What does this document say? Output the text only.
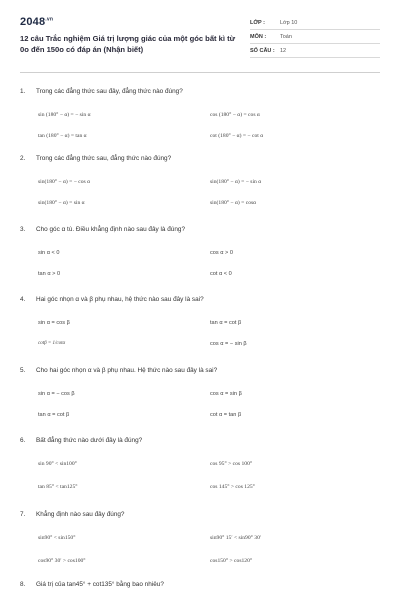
$2048^{.vn}$
12 câu Trắc nghiệm Giá trị lượng giác của một góc bất kì từ 0o đến 150o có đáp án (Nhận biết)
LỚP :	Lớp 10
MÔN :	Toán
SỐ CÂU : 12
1.	Trong các đẳng thức sau đây, đẳng thức nào đúng?
sin (180° − α) = − sin α	cos (180° − α) = cos α
tan (180° − α) = tan α	cot (180° − α) = − cot α
2.	Trong các đẳng thức sau, đẳng thức nào đúng?
sin(180° − α) = − cos α	sin(180° − α) = − sin α
sin(180° − α) = sin α	sin(180° − α) = cosα
3.	Cho góc α tù. Điều khẳng định nào sau đây là đúng?
sin α < 0	cos α > 0
tan α > 0	cot α < 0
4.	Hai góc nhọn α và β phụ nhau, hệ thức nào sau đây là sai?
sin α = cos β	tan α = cot β
cotβ = 1/cotα	cos α = − sin β
5.	Cho hai góc nhọn α và β phụ nhau. Hệ thức nào sau đây là sai?
sin α = − cos β	cos α = sin β
tan α = cot β	cot α = tan β
6.	Bất đẳng thức nào dưới đây là đúng?
sin 90° < sin100°	cos 95° > cos 100°
tan 85° < tan125°	cos 145° > cos 125°
7.	Khẳng định nào sau đây đúng?
sin90° < sin150°	sin90° 15′ < sin90° 30′
cos90° 30′ > cos100°	cos150° > cos120°
8.	Giá trị của tan45° + cot135° bằng bao nhiêu?
